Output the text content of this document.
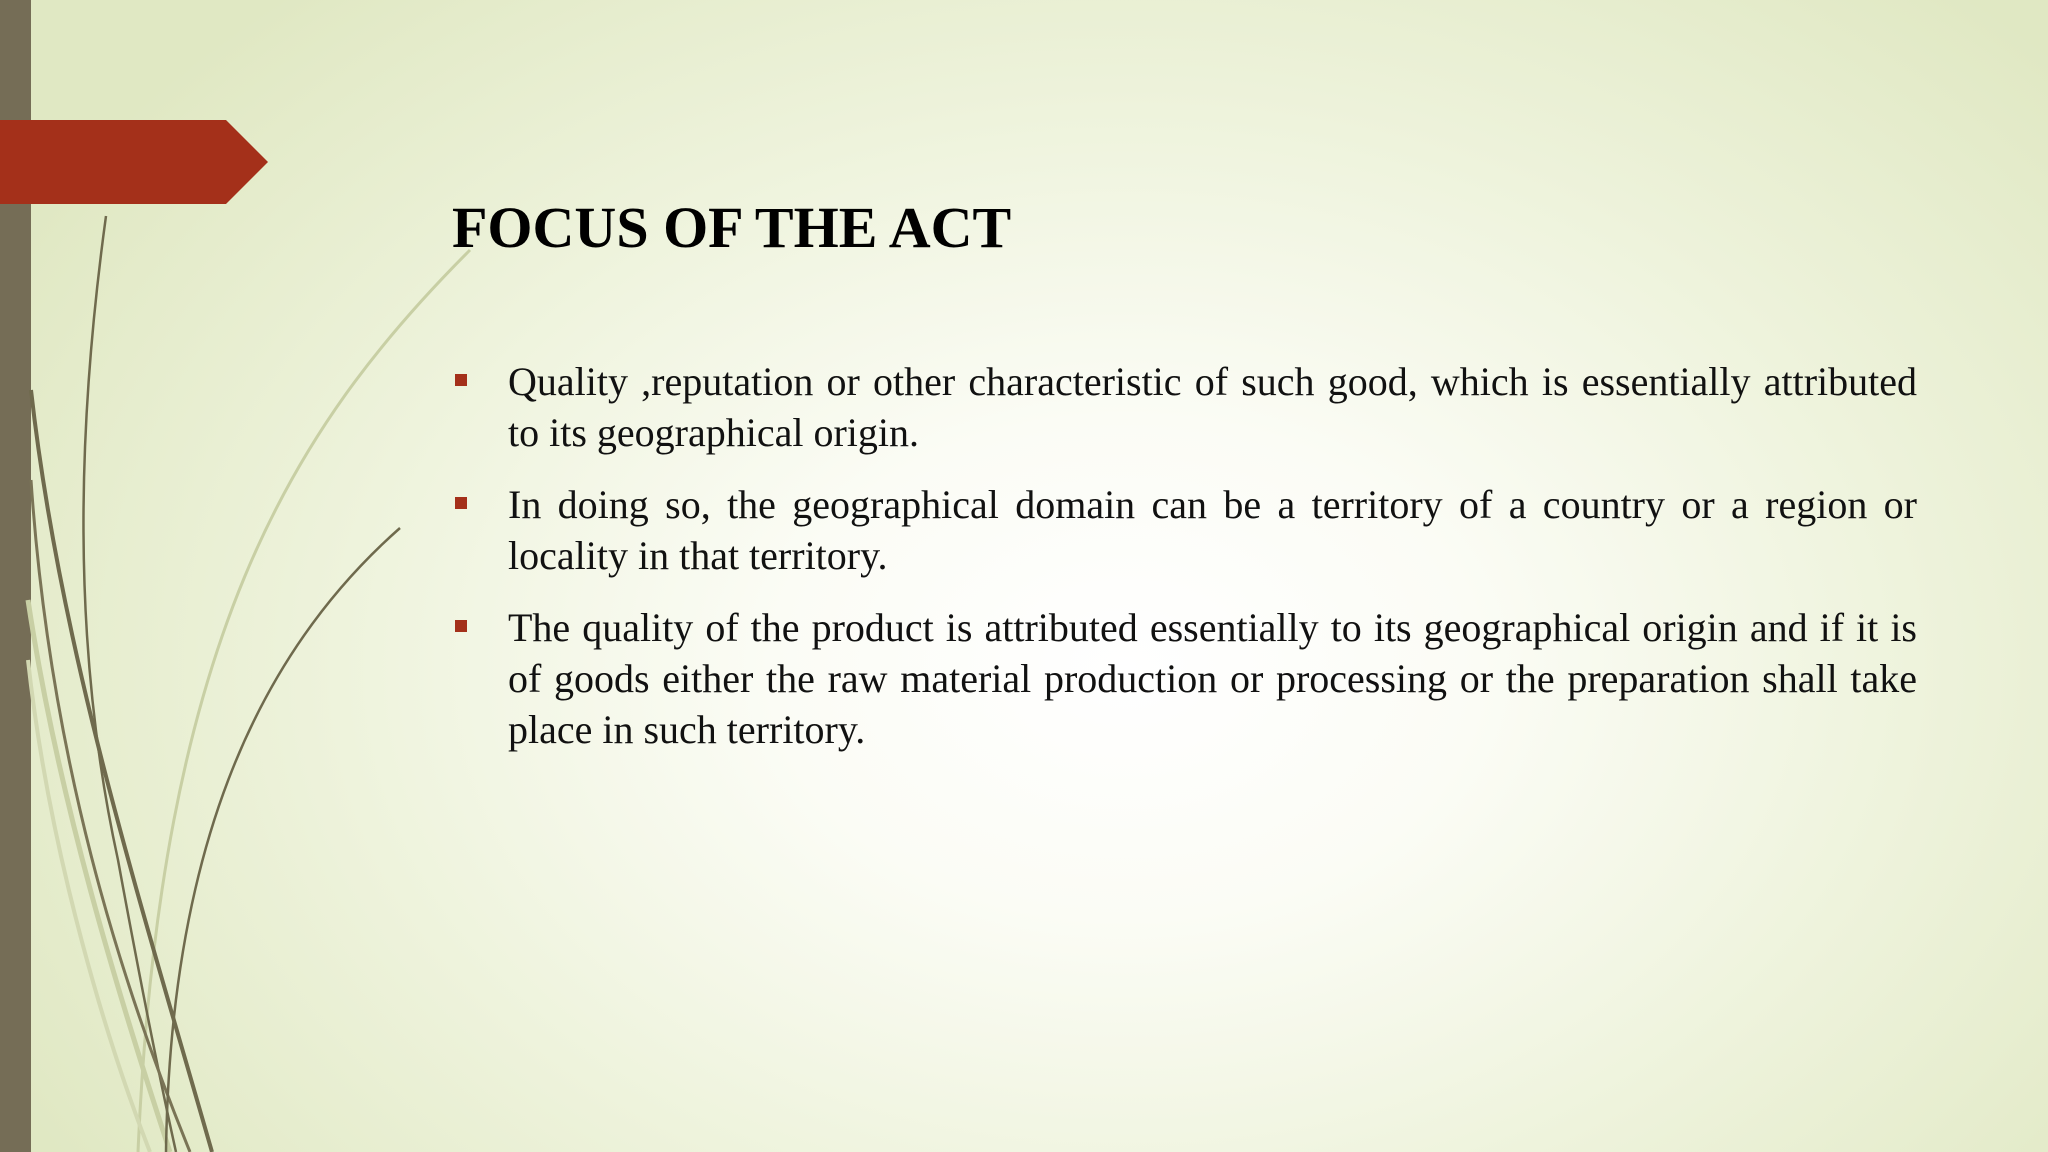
FOCUS OF THE ACT
Quality ,reputation or other characteristic of such good, which is essentially attributed to its geographical origin.
In doing so, the geographical domain can be a territory of a country or a region or locality in that territory.
The quality of the product is attributed essentially to its geographical origin and if it is of goods either the raw material production or processing or the preparation shall take place in such territory.
